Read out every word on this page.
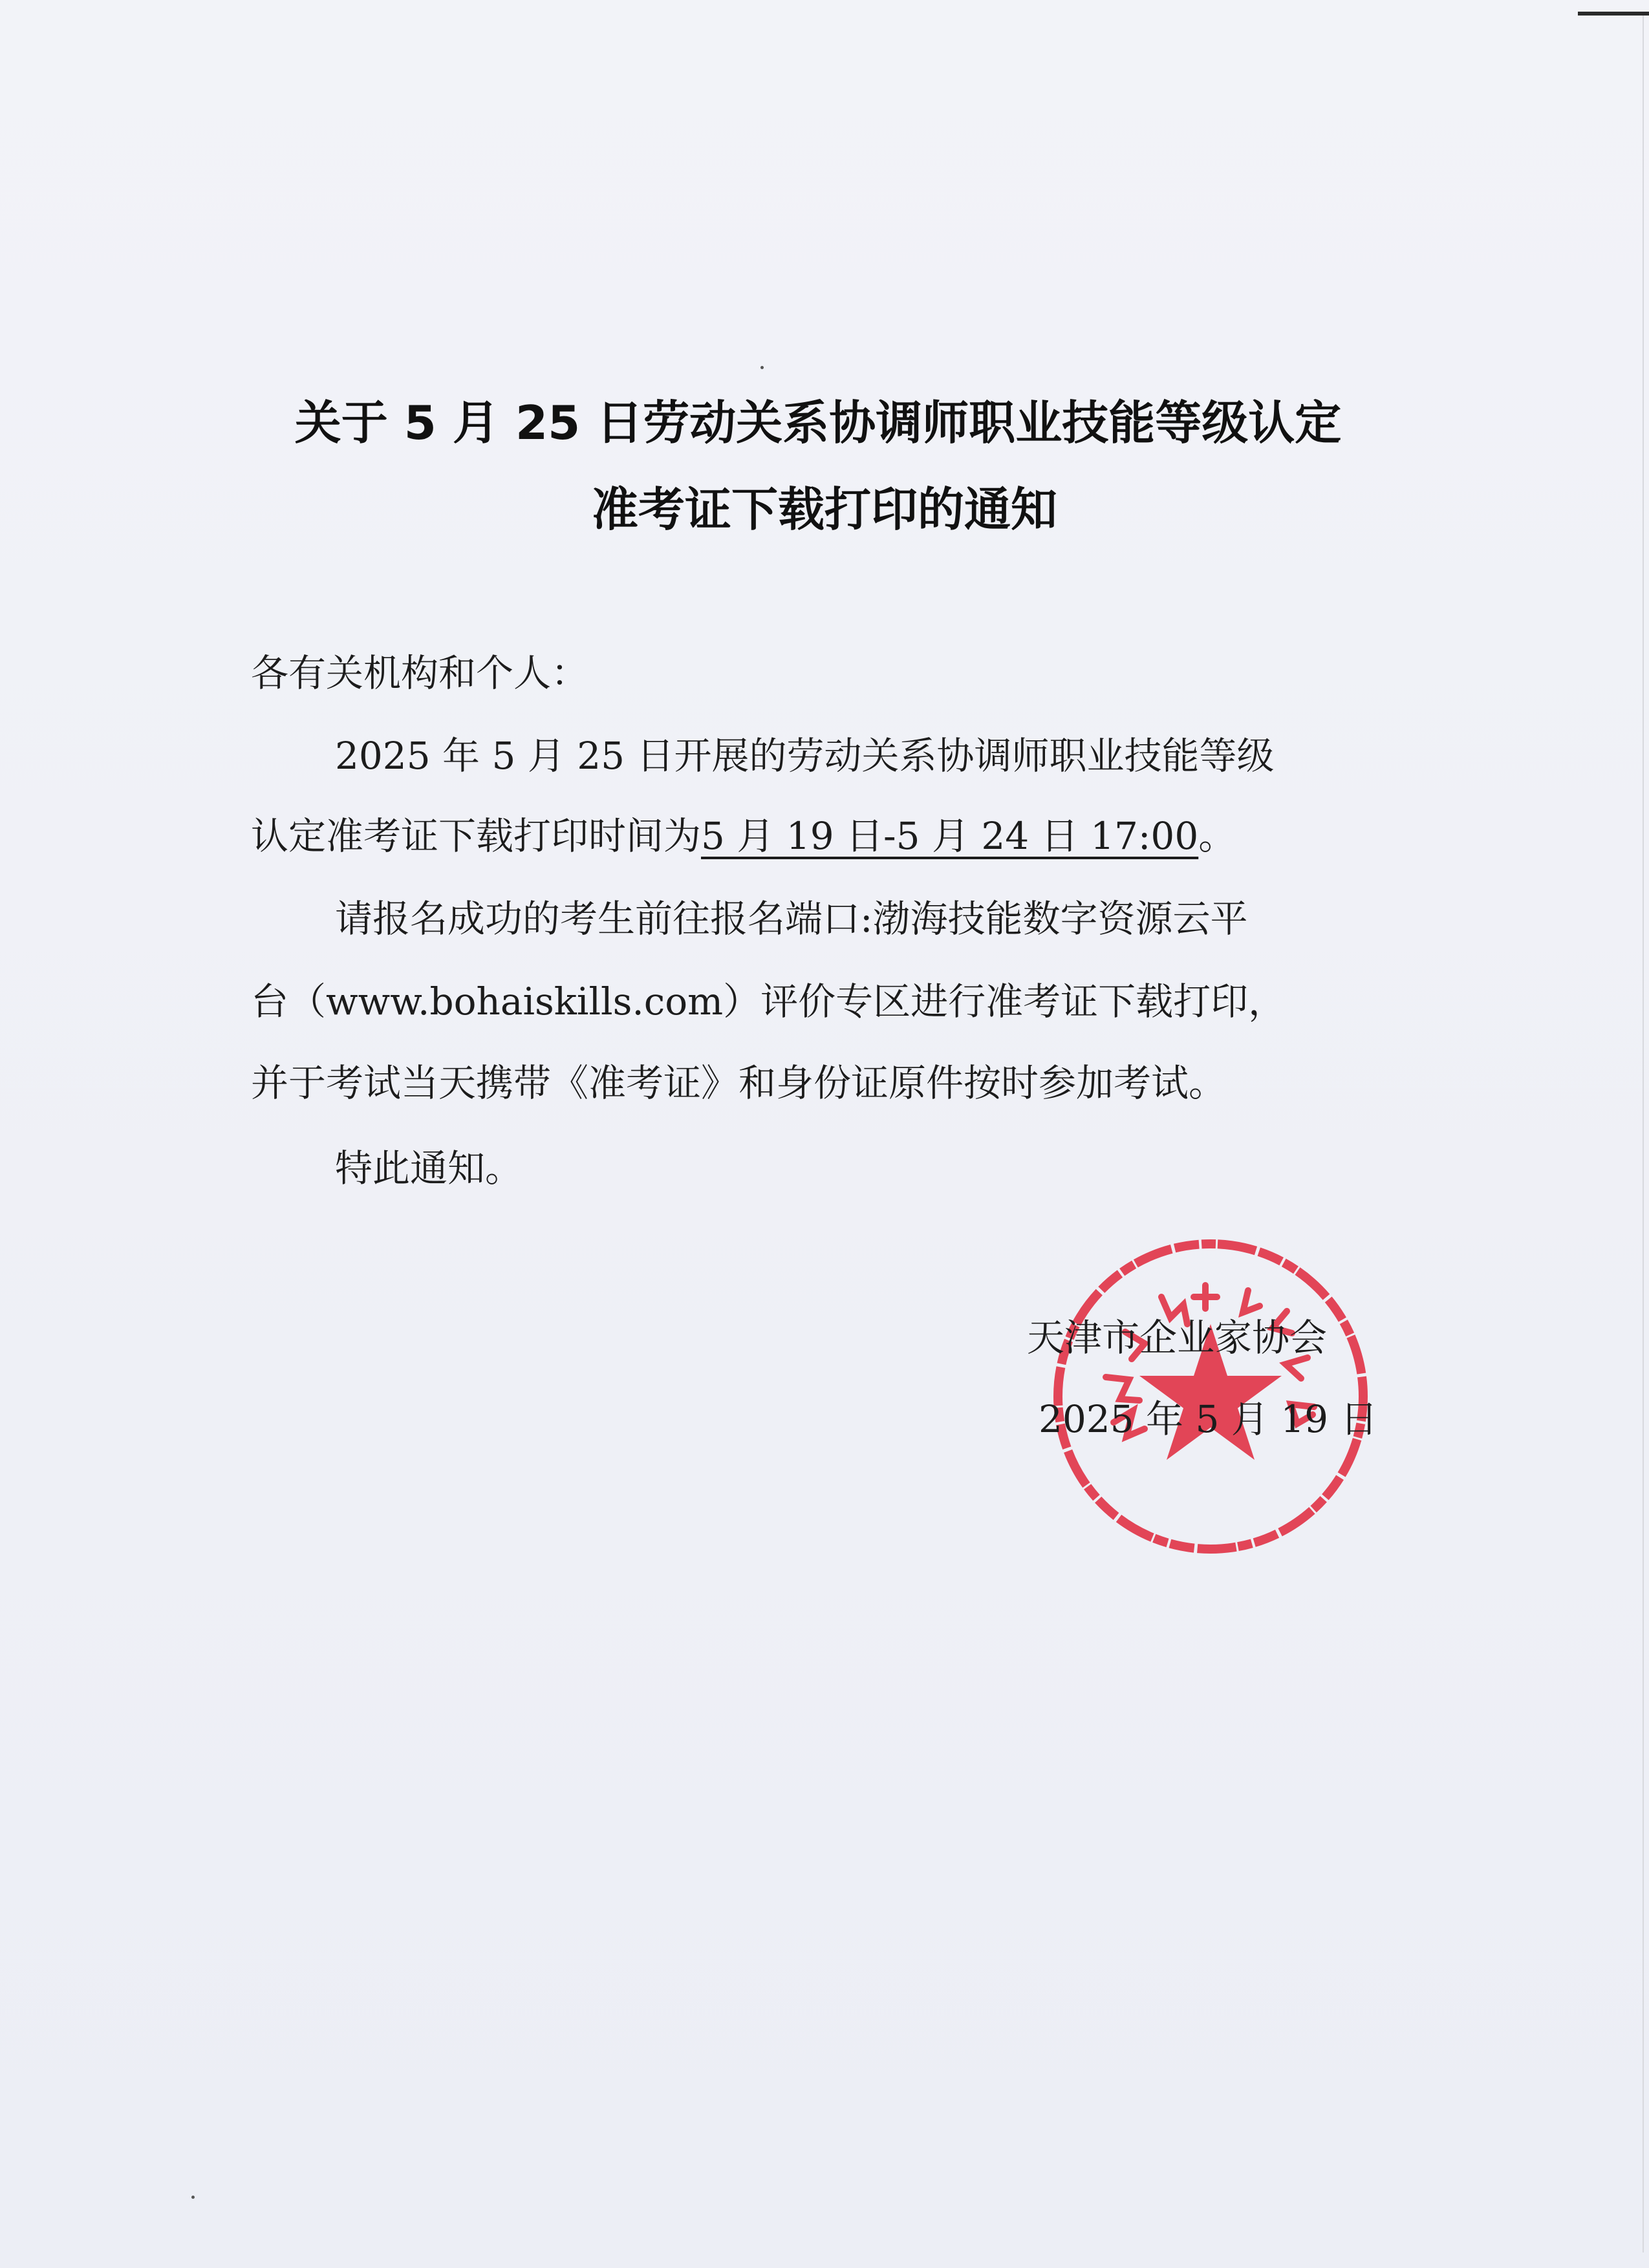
关于 5 月 25 日劳动关系协调师职业技能等级认定
准考证下载打印的通知
各有关机构和个人：
2025 年 5 月 25 日开展的劳动关系协调师职业技能等级
认定准考证下载打印时间为5 月 19 日-5 月 24 日 17:00。
请报名成功的考生前往报名端口:渤海技能数字资源云平
台（www.bohaiskills.com）评价专区进行准考证下载打印，
并于考试当天携带《准考证》和身份证原件按时参加考试。
特此通知。
天津市企业家协会
2025 年 5 月 19 日
